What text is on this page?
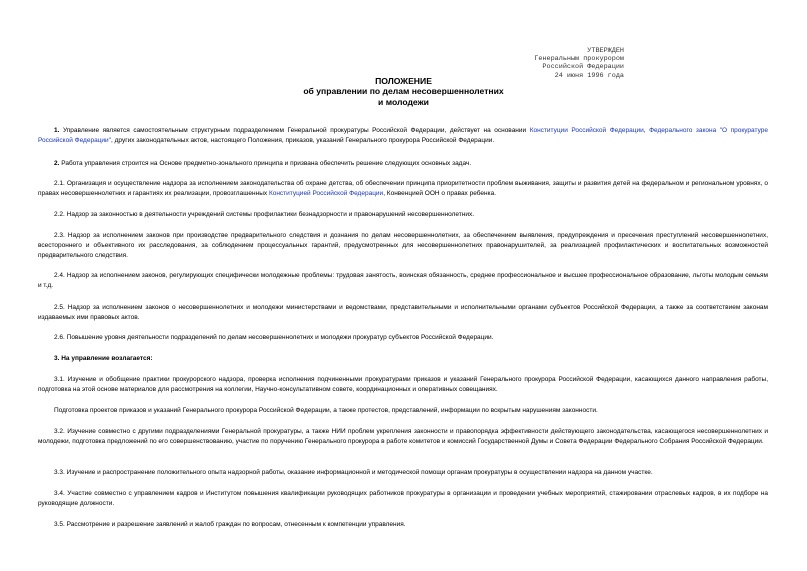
УТВЕРЖДЕН
Генеральным прокурором
Российской Федерации
24 июня 1996 года
ПОЛОЖЕНИЕ
об управлении по делам несовершеннолетних
и молодежи

1. Управление является самостоятельным структурным подразделением Генеральной прокуратуры Российской Федерации, действует на основании Конституции Российской Федерации, Федерального закона "О прокуратуре Российской Федерации", других законодательных актов, настоящего Положения, приказов, указаний Генерального прокурора Российской Федерации.

2. Работа управления строится на Основе предметно-зонального принципа и призвана обеспечить решение следующих основных задач.

2.1. Организация и осуществление надзора за исполнением законодательства об охране детства, об обеспечении принципа приоритетности проблем выживания, защиты и развития детей на федеральном и региональном уровнях, о правах несовершеннолетних и гарантиях их реализации, провозглашенных Конституцией Российской Федерации, Конвенцией ООН о правах ребенка.

2.2. Надзор за законностью в деятельности учреждений системы профилактики безнадзорности и правонарушений несовершеннолетних.

2.3. Надзор за исполнением законов при производстве предварительного следствия и дознания по делам несовершеннолетних, за обеспечением выявления, предупреждения и пресечения преступлений несовершеннолетних, всестороннего и объективного их расследования, за соблюдением процессуальных гарантий, предусмотренных для несовершеннолетних правонарушителей, за реализацией профилактических и воспитательных возможностей предварительного следствия.

2.4. Надзор за исполнением законов, регулирующих специфически молодежные проблемы: трудовая занятость, воинская обязанность, среднее профессиональное и высшее профессиональное образование, льготы молодым семьям и т.д.

2.5. Надзор за исполнением законов о несовершеннолетних и молодежи министерствами и ведомствами, представительными и исполнительными органами субъектов Российской Федерации, а также за соответствием законам издаваемых ими правовых актов.

2.6. Повышение уровня деятельности подразделений по делам несовершеннолетних и молодежи прокуратур субъектов Российской Федерации.

3. На управление возлагается:

3.1. Изучение и обобщение практики прокурорского надзора, проверка исполнения подчиненными прокуратурами приказов и указаний Генерального прокурора Российской Федерации, касающихся данного направления работы, подготовка на этой основе материалов для рассмотрения на коллегии, Научно-консультативном совете, координационных и оперативных совещаниях.

Подготовка проектов приказов и указаний Генерального прокурора Российской Федерации, а также протестов, представлений, информации по вскрытым нарушениям законности.

3.2. Изучение совместно с другими подразделениями Генеральной прокуратуры, а также НИИ проблем укрепления законности и правопорядка эффективности действующего законодательства, касающегося несовершеннолетних и молодежи, подготовка предложений по его совершенствованию, участие по поручению Генерального прокурора в работе комитетов и комиссий Государственной Думы и Совета Федерации Федерального Собрания Российской Федерации.

3.3. Изучение и распространение положительного опыта надзорной работы, оказание информационной и методической помощи органам прокуратуры в осуществлении надзора на данном участке.

3.4. Участие совместно с управлением кадров и Институтом повышения квалификации руководящих работников прокуратуры в организации и проведении учебных мероприятий, стажировании отраслевых кадров, в их подборе на руководящие должности.

3.5. Рассмотрение и разрешение заявлений и жалоб граждан по вопросам, отнесенным к компетенции управления.
